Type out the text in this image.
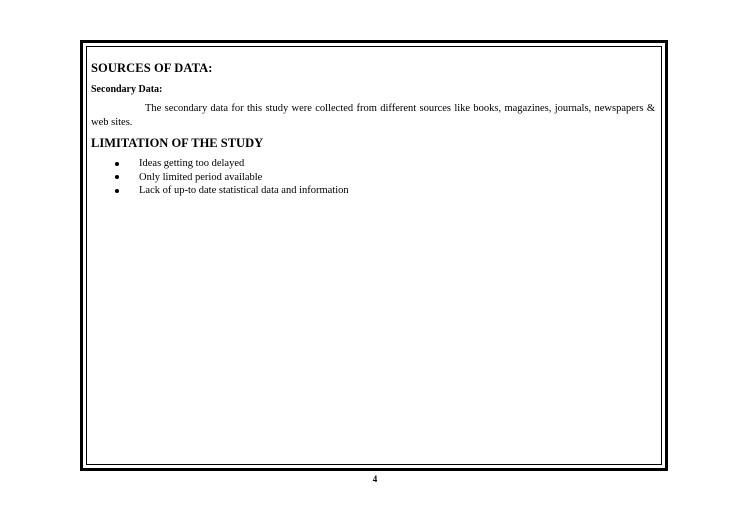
SOURCES OF DATA:
Secondary Data:

The secondary data for this study were collected from different sources like books, magazines, journals, newspapers & web sites.

LIMITATION OF THE STUDY
Ideas getting too delayed
Only limited period available
Lack of up-to date statistical data and information
4
